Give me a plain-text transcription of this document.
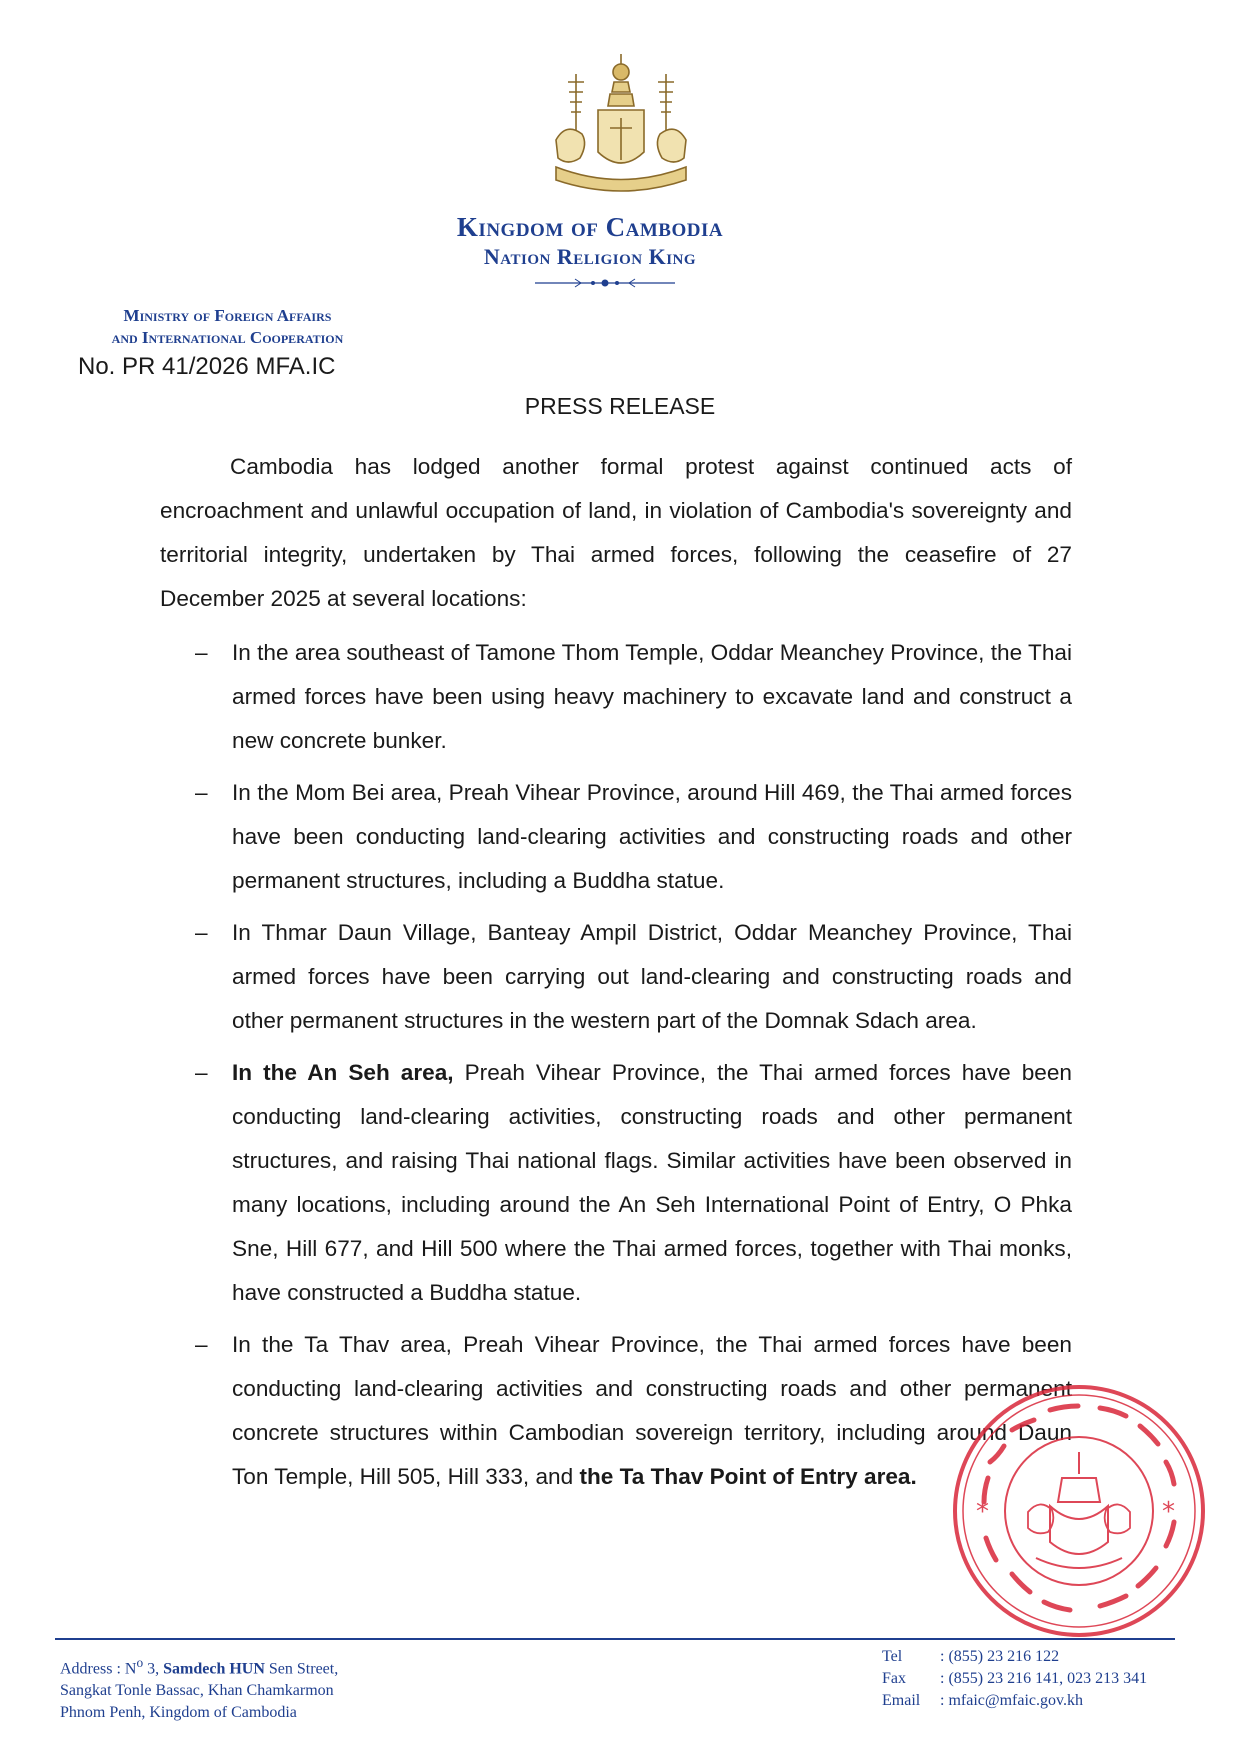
Kingdom of Cambodia
Nation Religion King
Ministry of Foreign Affairs
and International Cooperation
No. PR 41/2026 MFA.IC
PRESS RELEASE

Cambodia has lodged another formal protest against continued acts of encroachment and unlawful occupation of land, in violation of Cambodia's sovereignty and territorial integrity, undertaken by Thai armed forces, following the ceasefire of 27 December 2025 at several locations:

– In the area southeast of Tamone Thom Temple, Oddar Meanchey Province, the Thai armed forces have been using heavy machinery to excavate land and construct a new concrete bunker.
– In the Mom Bei area, Preah Vihear Province, around Hill 469, the Thai armed forces have been conducting land-clearing activities and constructing roads and other permanent structures, including a Buddha statue.
– In Thmar Daun Village, Banteay Ampil District, Oddar Meanchey Province, Thai armed forces have been carrying out land-clearing and constructing roads and other permanent structures in the western part of the Domnak Sdach area.
– In the An Seh area, Preah Vihear Province, the Thai armed forces have been conducting land-clearing activities, constructing roads and other permanent structures, and raising Thai national flags. Similar activities have been observed in many locations, including around the An Seh International Point of Entry, O Phka Sne, Hill 677, and Hill 500 where the Thai armed forces, together with Thai monks, have constructed a Buddha statue.
– In the Ta Thav area, Preah Vihear Province, the Thai armed forces have been conducting land-clearing activities and constructing roads and other permanent concrete structures within Cambodian sovereign territory, including around Daun Ton Temple, Hill 505, Hill 333, and the Ta Thav Point of Entry area.
*	*
Address : $N^o$ 3, Samdech HUN Sen Street,
Sangkat Tonle Bassac, Khan Chamkarmon
Phnom Penh, Kingdom of Cambodia
Tel	: (855) 23 216 122
Fax	: (855) 23 216 141, 023 213 341
Email	: mfaic@mfaic.gov.kh
